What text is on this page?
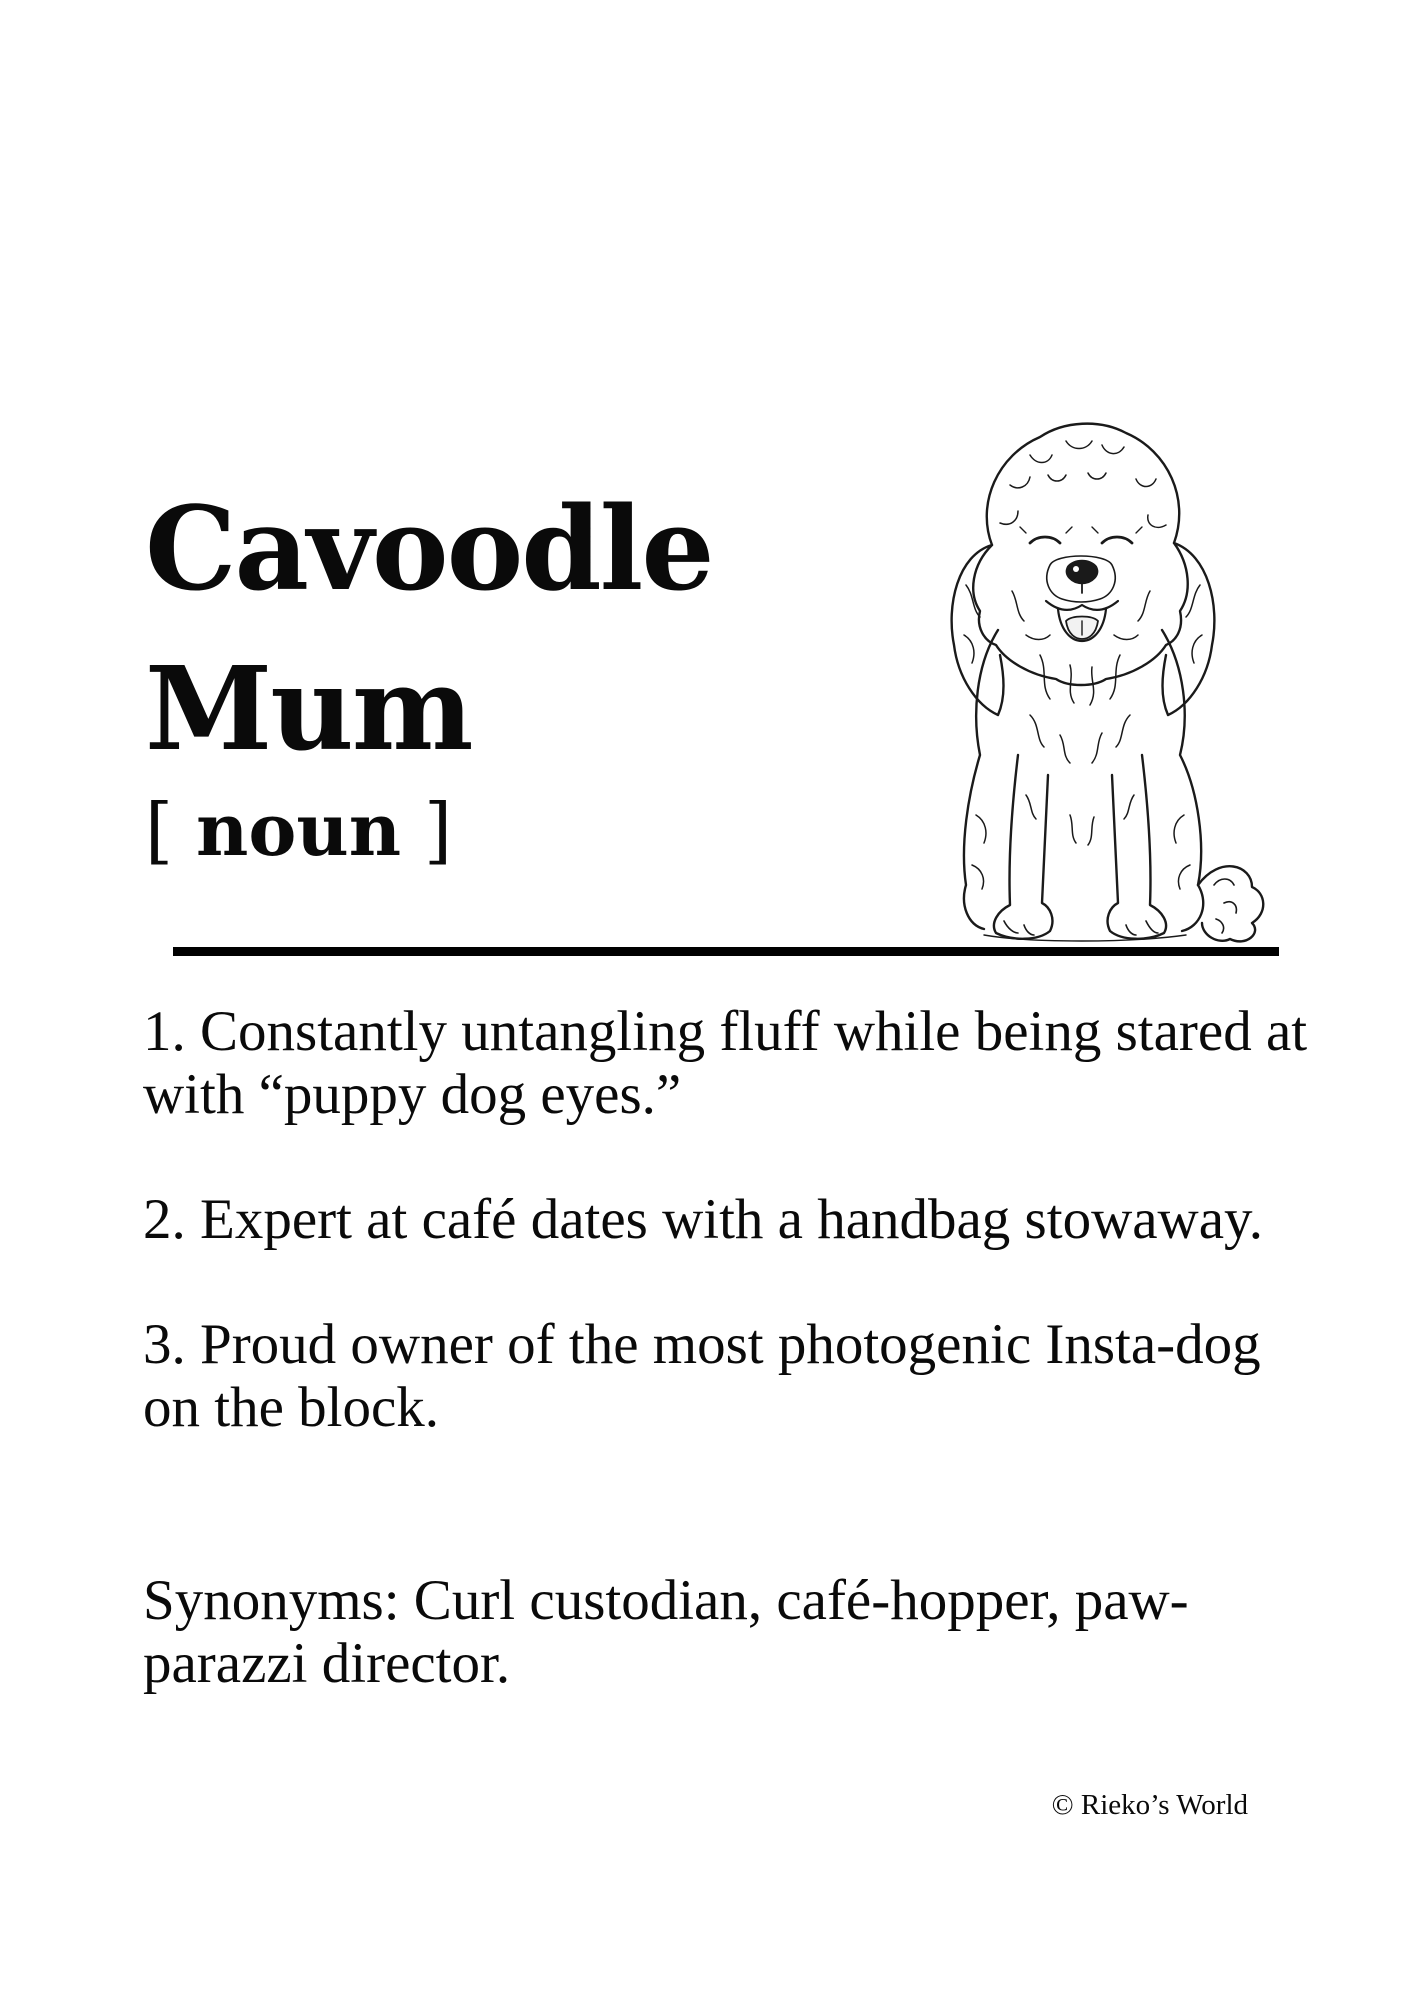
Cavoodle
Mum

[ noun ]

1. Constantly untangling fluff while being stared at with “puppy dog eyes.”
2. Expert at café dates with a handbag stowaway.
3. Proud owner of the most photogenic Insta-dog on the block.

Synonyms: Curl custodian, café-hopper, paw-parazzi director.

© Rieko’s World
